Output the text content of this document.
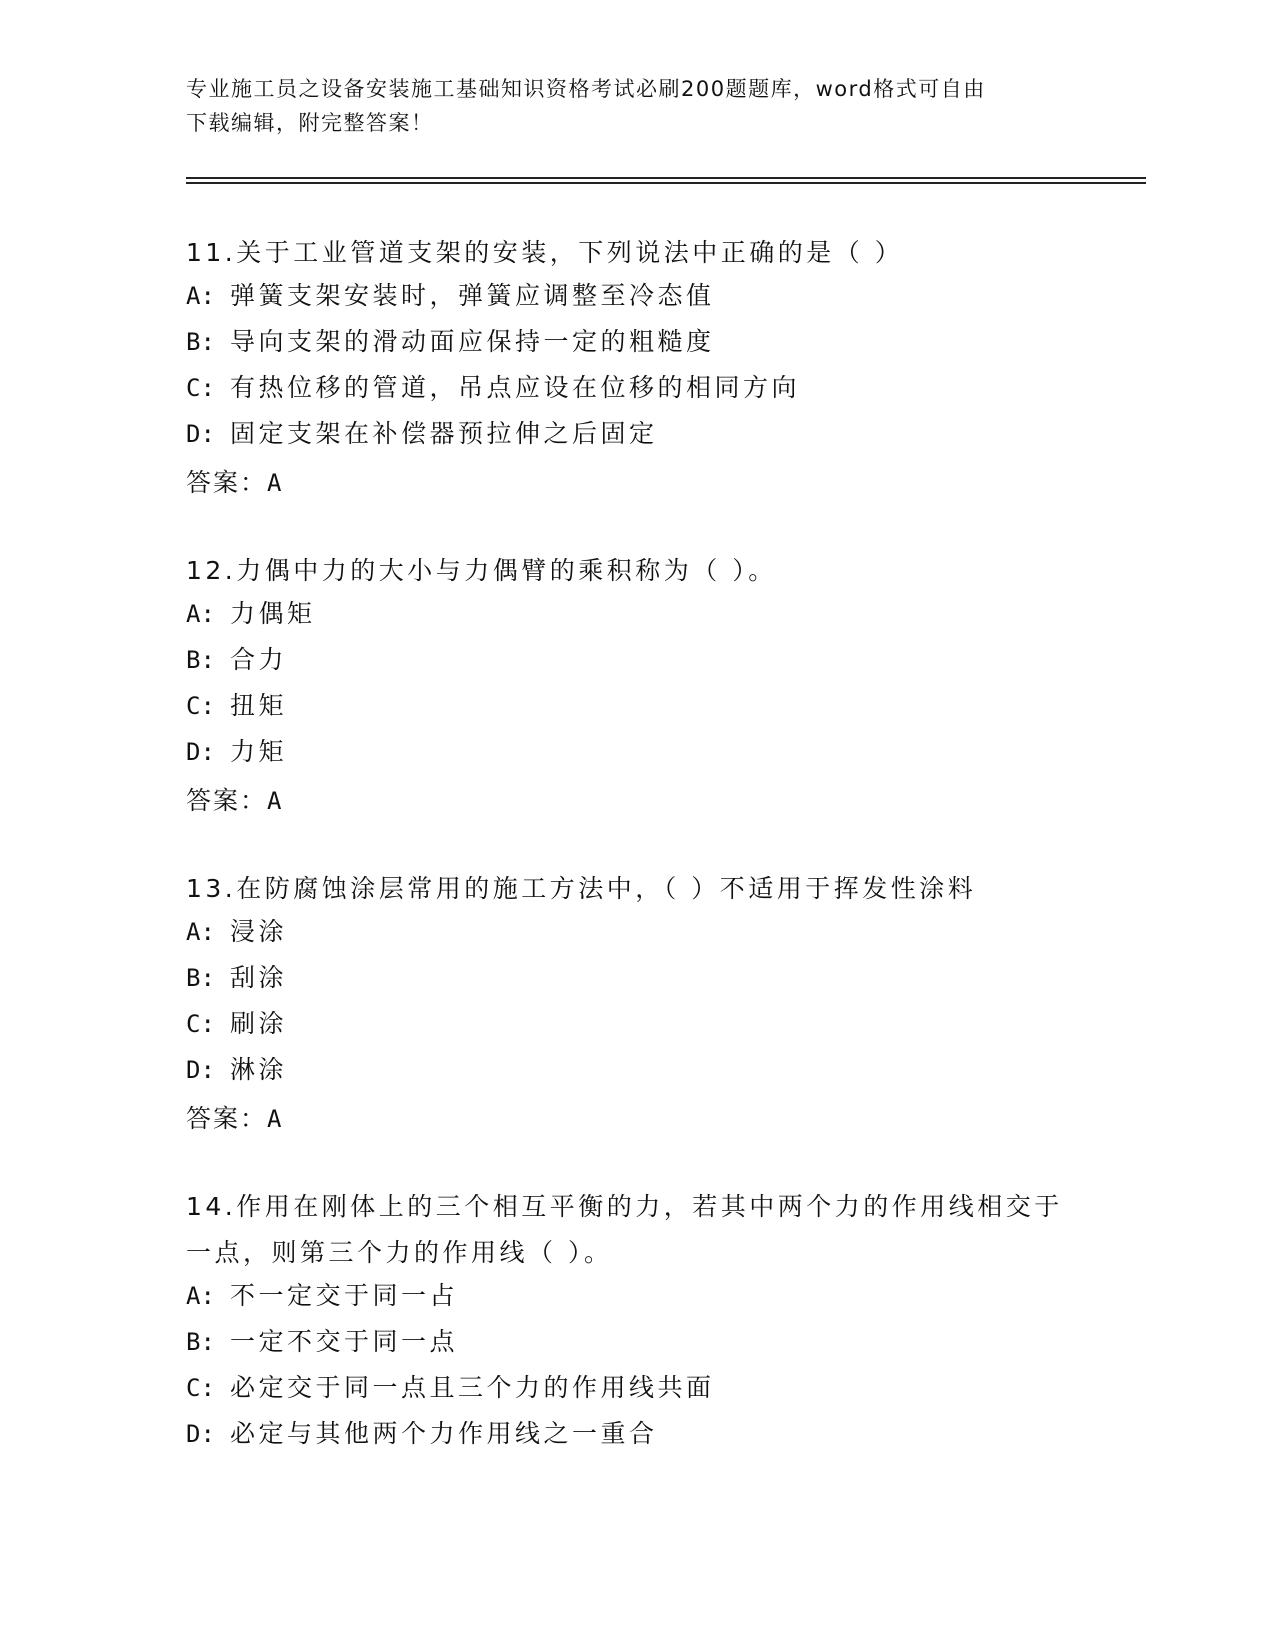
专业施工员之设备安装施工基础知识资格考试必刷200题题库，word格式可自由
下载编辑，附完整答案！
11.关于工业管道支架的安装，下列说法中正确的是（ ）
A: 弹簧支架安装时，弹簧应调整至冷态值
B: 导向支架的滑动面应保持一定的粗糙度
C: 有热位移的管道，吊点应设在位移的相同方向
D: 固定支架在补偿器预拉伸之后固定
答案：A
12.力偶中力的大小与力偶臂的乘积称为（ ）。
A: 力偶矩
B: 合力
C: 扭矩
D: 力矩
答案：A
13.在防腐蚀涂层常用的施工方法中，（ ）不适用于挥发性涂料
A: 浸涂
B: 刮涂
C: 刷涂
D: 淋涂
答案：A
14.作用在刚体上的三个相互平衡的力，若其中两个力的作用线相交于
一点，则第三个力的作用线（ ）。
A: 不一定交于同一占
B: 一定不交于同一点
C: 必定交于同一点且三个力的作用线共面
D: 必定与其他两个力作用线之一重合
